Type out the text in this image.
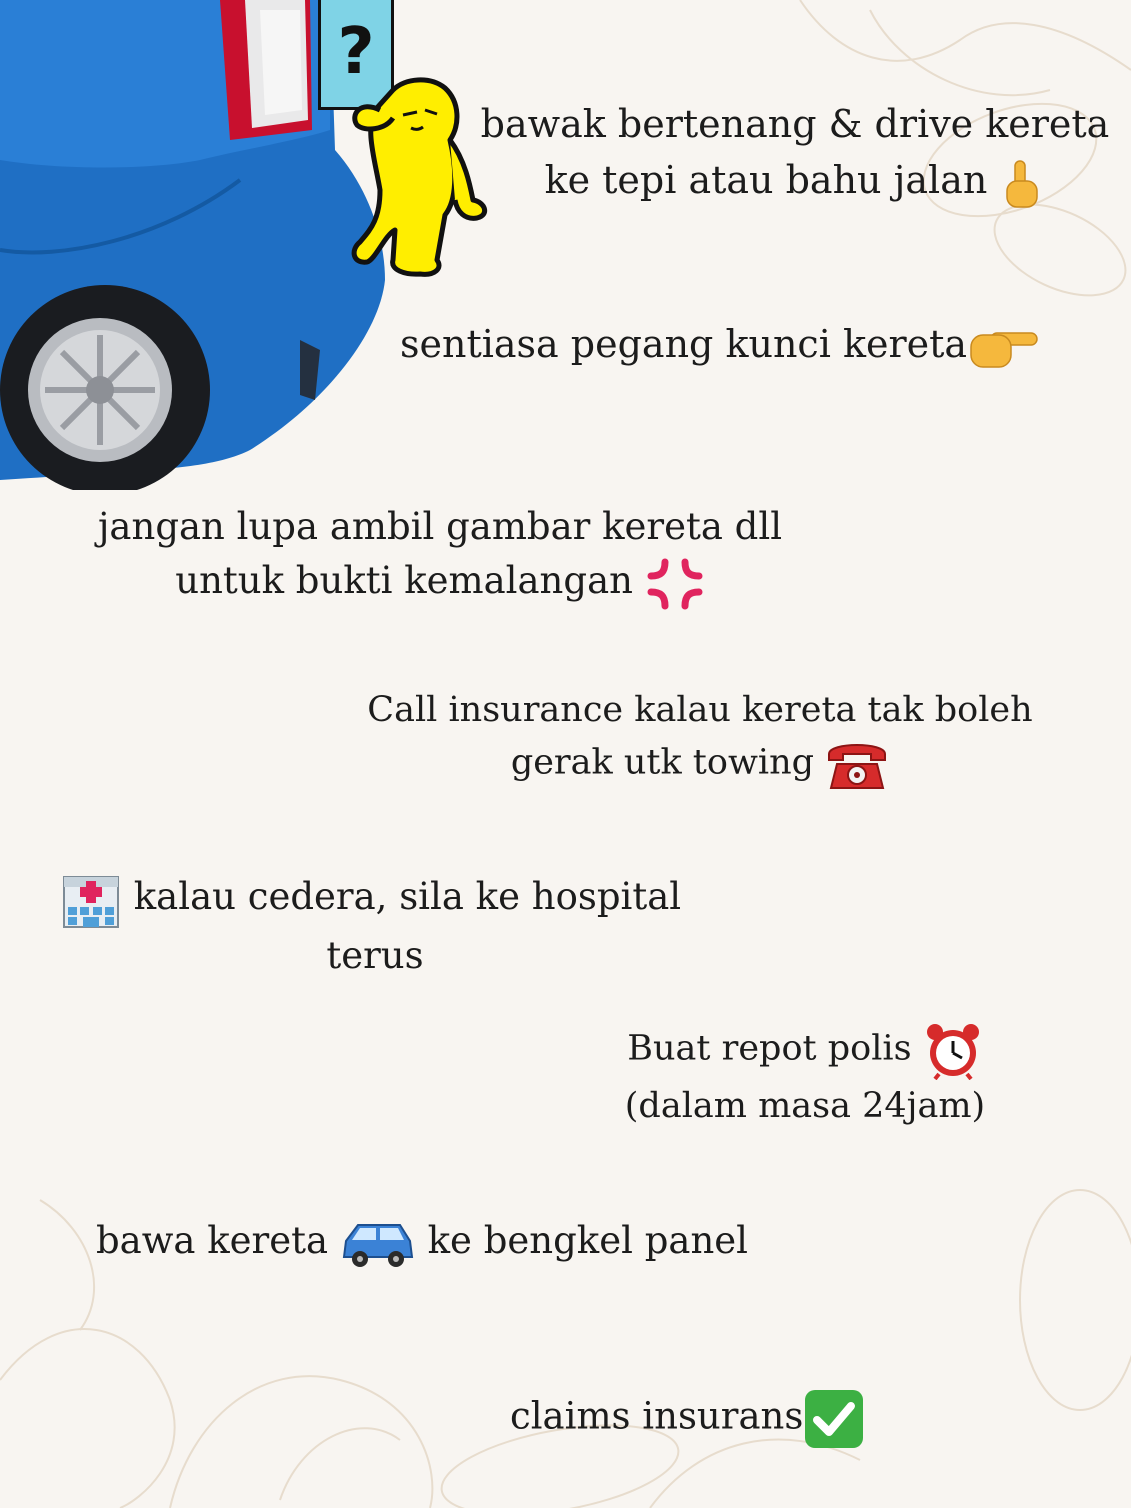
?
bawak bertenang & drive kereta
ke tepi atau bahu jalan
sentiasa pegang kunci kereta
jangan lupa ambil gambar kereta dll
untuk bukti kemalangan
Call insurance kalau kereta tak boleh
gerak utk towing
kalau cedera, sila ke hospital
terus
Buat repot polis
(dalam masa 24jam)
bawa kereta	ke bengkel panel
claims insurans
